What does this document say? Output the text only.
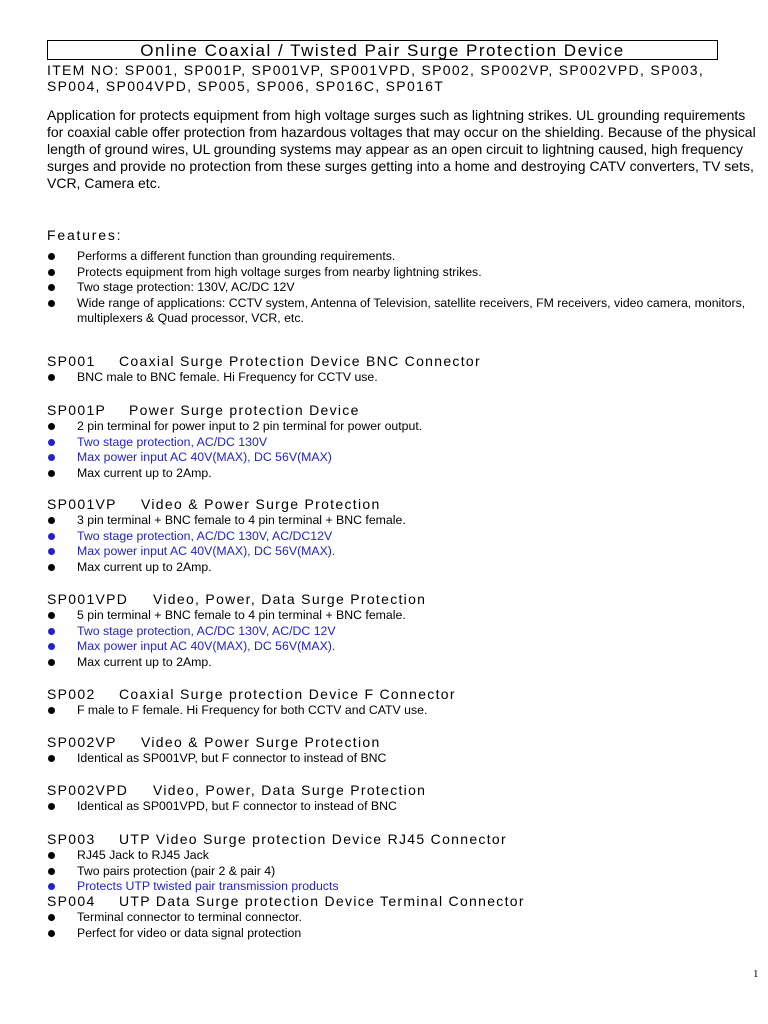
Online Coaxial / Twisted Pair Surge Protection Device
ITEM NO: SP001, SP001P, SP001VP, SP001VPD, SP002, SP002VP, SP002VPD, SP003, SP004, SP004VPD, SP005, SP006, SP016C, SP016T
Application for protects equipment from high voltage surges such as lightning strikes. UL grounding requirements for coaxial cable offer protection from hazardous voltages that may occur on the shielding. Because of the physical length of ground wires, UL grounding systems may appear as an open circuit to lightning caused, high frequency surges and provide no protection from these surges getting into a home and destroying CATV converters, TV sets, VCR, Camera etc.
Features:
Performs a different function than grounding requirements.
Protects equipment from high voltage surges from nearby lightning strikes.
Two stage protection: 130V, AC/DC 12V
Wide range of applications: CCTV system, Antenna of Television, satellite receivers, FM receivers, video camera, monitors, multiplexers & Quad processor, VCR, etc.
SP001 Coaxial Surge Protection Device BNC Connector
BNC male to BNC female. Hi Frequency for CCTV use.
SP001P Power Surge protection Device
2 pin terminal for power input to 2 pin terminal for power output.
Two stage protection, AC/DC 130V
Max power input AC 40V(MAX), DC 56V(MAX)
Max current up to 2Amp.
SP001VP Video & Power Surge Protection
3 pin terminal + BNC female to 4 pin terminal + BNC female.
Two stage protection, AC/DC 130V, AC/DC12V
Max power input AC 40V(MAX), DC 56V(MAX).
Max current up to 2Amp.
SP001VPD Video, Power, Data Surge Protection
5 pin terminal + BNC female to 4 pin terminal + BNC female.
Two stage protection, AC/DC 130V, AC/DC 12V
Max power input AC 40V(MAX), DC 56V(MAX).
Max current up to 2Amp.
SP002 Coaxial Surge protection Device F Connector
F male to F female. Hi Frequency for both CCTV and CATV use.
SP002VP Video & Power Surge Protection
Identical as SP001VP, but F connector to instead of BNC
SP002VPD Video, Power, Data Surge Protection
Identical as SP001VPD, but F connector to instead of BNC
SP003 UTP Video Surge protection Device RJ45 Connector
RJ45 Jack to RJ45 Jack
Two pairs protection (pair 2 & pair 4)
Protects UTP twisted pair transmission products
SP004 UTP Data Surge protection Device Terminal Connector
Terminal connector to terminal connector.
Perfect for video or data signal protection
1
